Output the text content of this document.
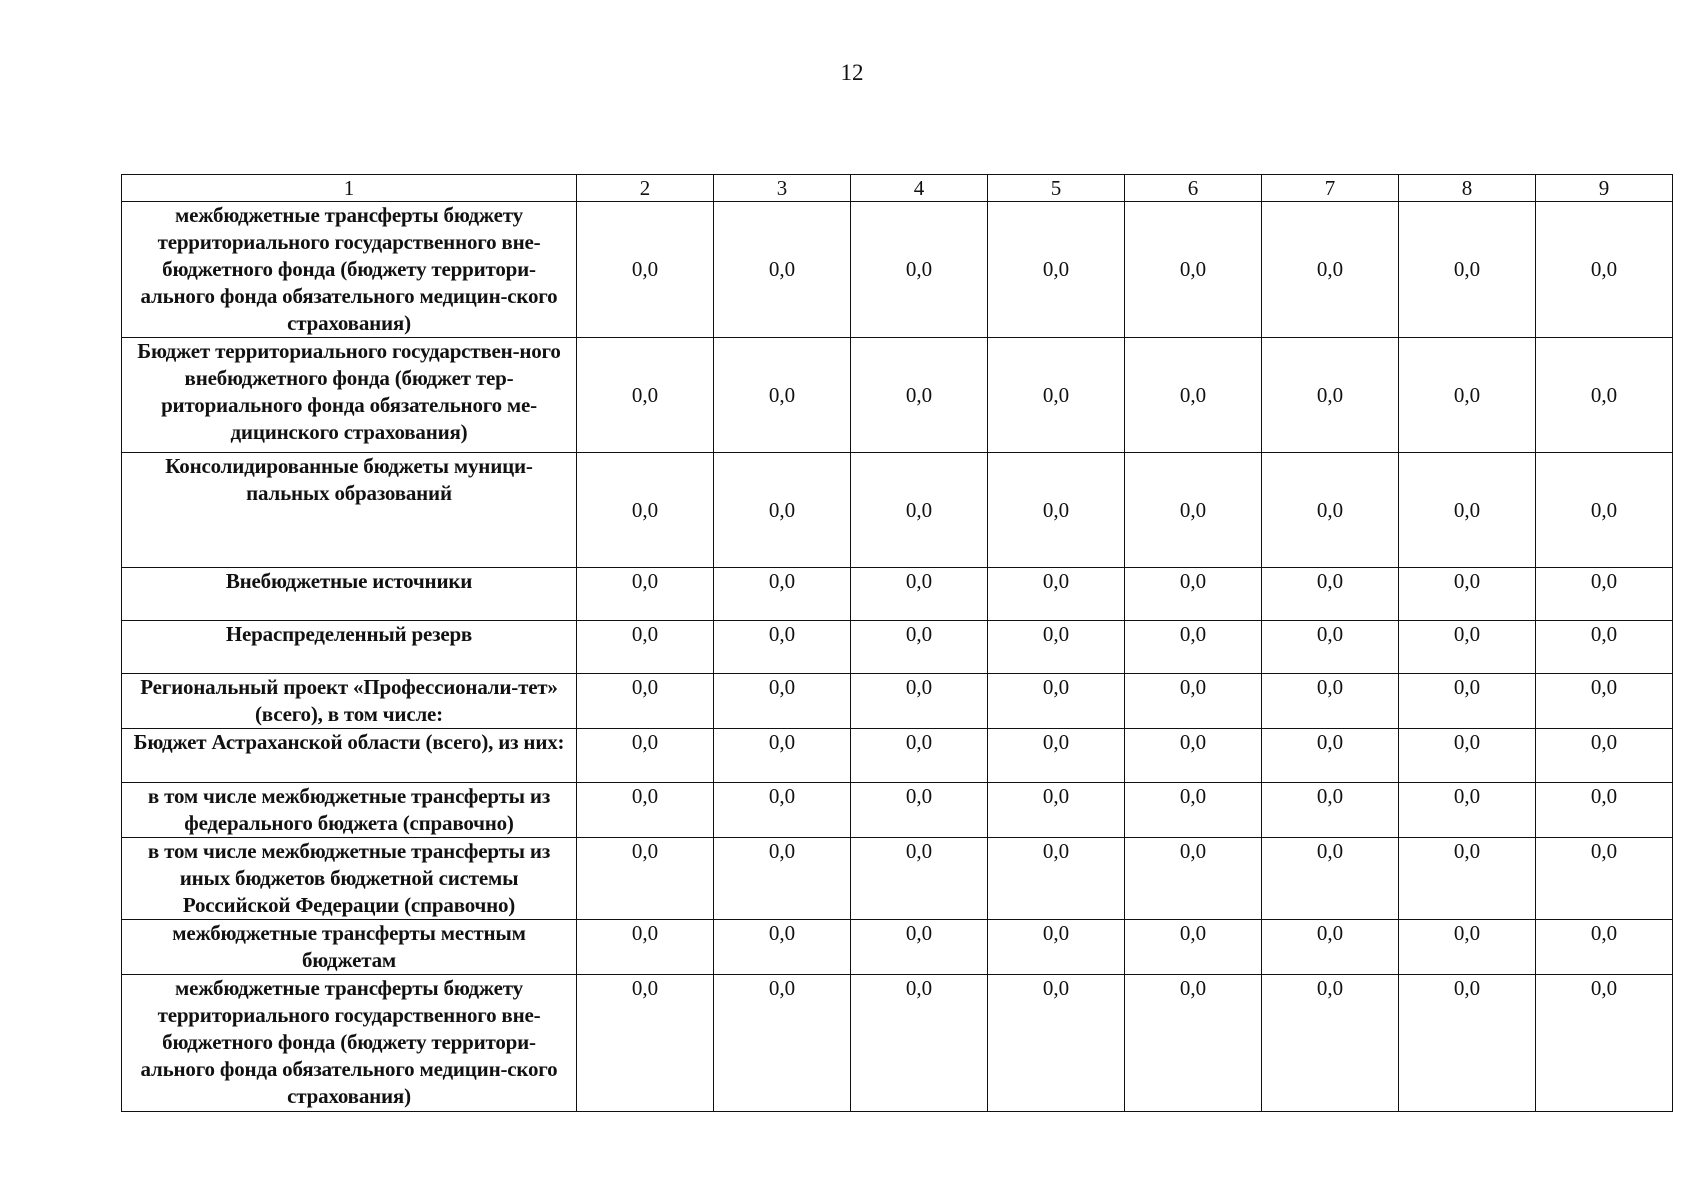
12
1	2	3	4	5	6	7	8	9
межбюджетные трансферты бюджету территориального государственного вне-бюджетного фонда (бюджету территори-ального фонда обязательного медицин-ского страхования)	0,0	0,0	0,0	0,0	0,0	0,0	0,0	0,0
Бюджет территориального государствен-ного внебюджетного фонда (бюджет тер-риториального фонда обязательного ме-дицинского страхования)	0,0	0,0	0,0	0,0	0,0	0,0	0,0	0,0
Консолидированные бюджеты муници-пальных образований	0,0	0,0	0,0	0,0	0,0	0,0	0,0	0,0
Внебюджетные источники	0,0	0,0	0,0	0,0	0,0	0,0	0,0	0,0
Нераспределенный резерв	0,0	0,0	0,0	0,0	0,0	0,0	0,0	0,0
Региональный проект «Профессионали-тет» (всего), в том числе:	0,0	0,0	0,0	0,0	0,0	0,0	0,0	0,0
Бюджет Астраханской области (всего), из них:	0,0	0,0	0,0	0,0	0,0	0,0	0,0	0,0
в том числе межбюджетные трансферты из федерального бюджета (справочно)	0,0	0,0	0,0	0,0	0,0	0,0	0,0	0,0
в том числе межбюджетные трансферты из иных бюджетов бюджетной системы Российской Федерации (справочно)	0,0	0,0	0,0	0,0	0,0	0,0	0,0	0,0
межбюджетные трансферты местным бюджетам	0,0	0,0	0,0	0,0	0,0	0,0	0,0	0,0
межбюджетные трансферты бюджету территориального государственного вне-бюджетного фонда (бюджету территори-ального фонда обязательного медицин-ского страхования)	0,0	0,0	0,0	0,0	0,0	0,0	0,0	0,0
